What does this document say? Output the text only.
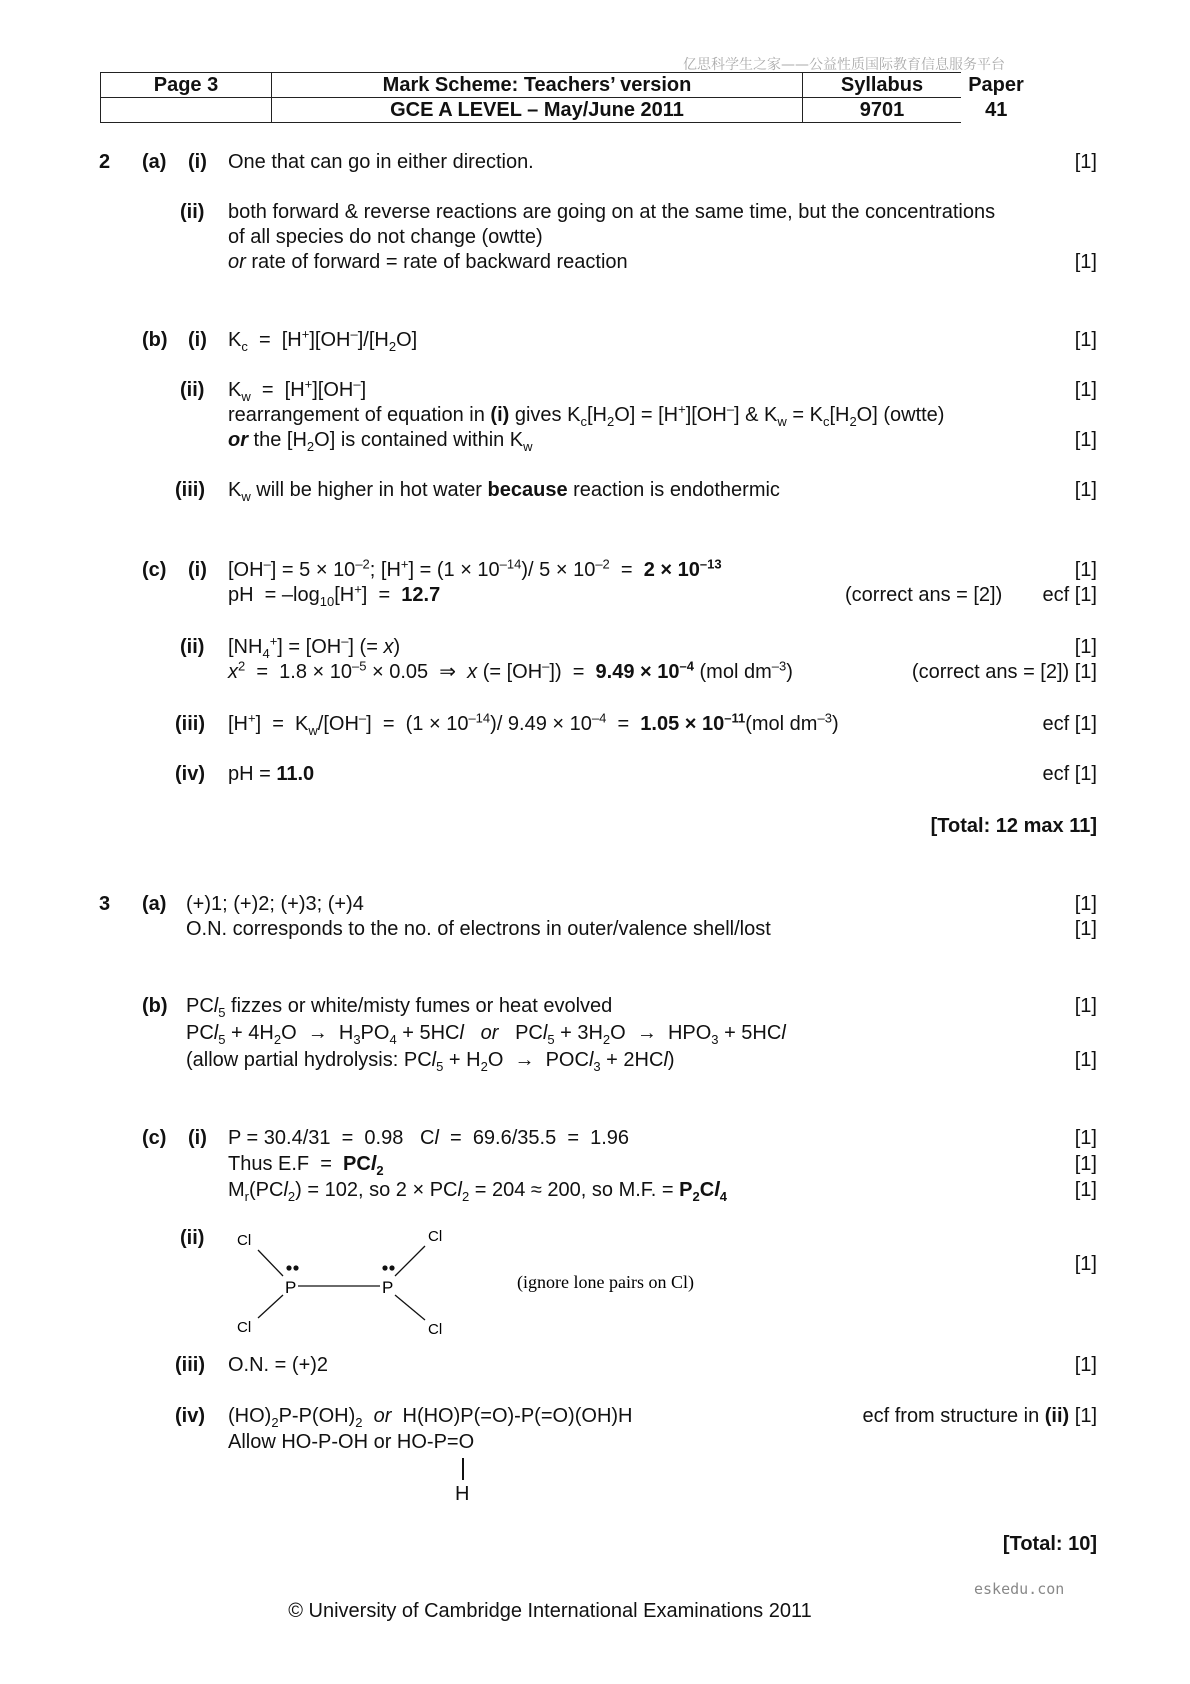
亿思科学生之家——公益性质国际教育信息服务平台
Page 3	Mark Scheme: Teachers’ version	Syllabus	Paper
	GCE A LEVEL – May/June 2011	9701	41
2 (a) (i) One that can go in either direction.	[1]
(ii) both forward & reverse reactions are going on at the same time, but the concentrations
of all species do not change (owtte)
or rate of forward = rate of backward reaction	[1]
(b) (i) $K_c = [H^+][OH^-]/[H_2O]$	[1]
(ii) $K_w = [H^+][OH^-]$	[1]
rearrangement of equation in (i) gives $K_c[H_2O] = [H^+][OH^-]$ & $K_w = K_c[H_2O]$ (owtte)
or the $[H_2O]$ is contained within $K_w$	[1]
(iii) $K_w$ will be higher in hot water because reaction is endothermic	[1]
(c) (i) $[OH^-] = 5 \times 10^{-2}$; $[H^+] = (1 \times 10^{-14})/$ $5 \times 10^{-2} = 2 \times 10^{-13}$	[1]
pH  = $-\log_{10}[H^+] = 12.7$	(correct ans = [2]) ecf [1]
(ii) $[NH_4^+] = [OH^-]$ (= x)	[1]
$x^2 = 1.8 \times 10^{-5} \times 0.05$  ⇒  x (= $[OH^-]) = 9.49 \times 10^{-4}$ (mol $dm^{-3}$)	(correct ans = [2]) [1]
(iii) $[H^+] = K_w/[OH^-] = (1 \times 10^{-14})/$ $9.49 \times 10^{-4} = 1.05 \times 10^{-11}(mol$ $dm^{-3}$)	ecf [1]
(iv) pH = 11.0	ecf [1]
[Total: 12 max 11]
3 (a) (+)1; (+)2; (+)3; (+)4	[1]
O.N. corresponds to the no. of electrons in outer/valence shell/lost	[1]
(b) PCl$_5$ fizzes or white/misty fumes or heat evolved	[1]
$PCl_5 + 4H_2O \to H_3PO_4 + 5HCl$ or   $PCl_5 + 3H_2O \to HPO_3 + 5HCl$
(allow partial hydrolysis: $PCl_5 + H_2O$  →  POCl$_3$ + 2HCl)	[1]
(c) (i) P = 30.4/31  =  0.98   Cl  =  69.6/35.5  =  1.96	[1]
Thus E.F  =  PCl$_2$	[1]
$M_r(PCl_2) = 102$, so 2 × PCl$_2$ = 204 ≈ 200, so M.F. = $P_2Cl_4$	[1]
(ii) Cl
Cl
Cl
Cl
P	P	(ignore lone pairs on Cl)
[1]
(iii) O.N. = (+)2	[1]
(iv) $(HO)_2P-P(OH)_2$ or  H(HO)P(=O)-P(=O)(OH)H	ecf from structure in (ii) [1]
Allow HO-P-OH or HO-P=O
H
[Total: 10]
eskedu.con
© University of Cambridge International Examinations 2011
